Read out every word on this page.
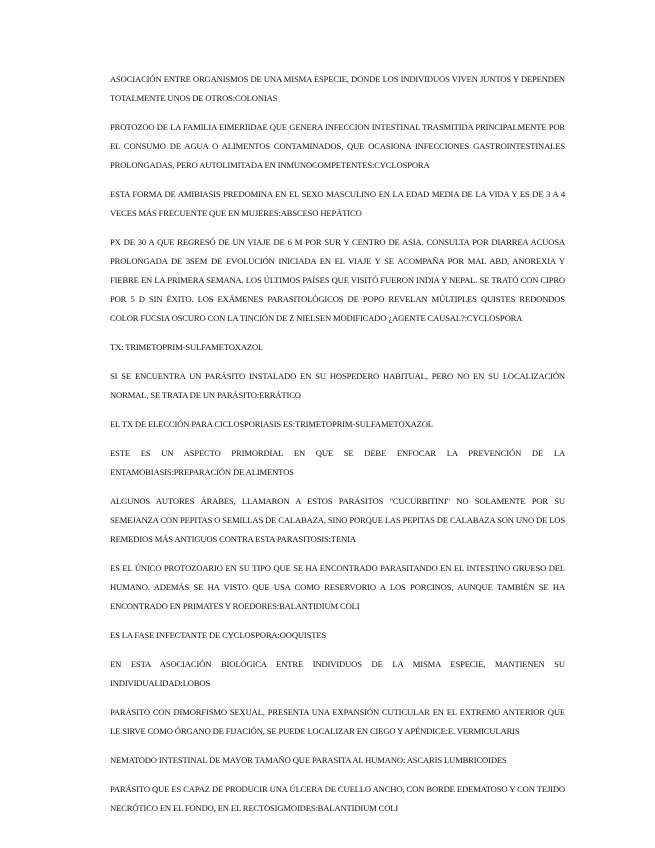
ASOCIACIÓN ENTRE ORGANISMOS DE UNA MISMA ESPECIE, DONDE LOS INDIVIDUOS VIVEN JUNTOS Y DEPENDEN TOTALMENTE UNOS DE OTROS:COLONIAS

PROTOZOO DE LA FAMILIA EIMERIIDAE QUE GENERA INFECCION INTESTINAL TRASMITIDA PRINCIPALMENTE POR EL CONSUMO DE AGUA O ALIMENTOS CONTAMINADOS, QUE OCASIONA INFECCIONES GASTROINTESTINALES PROLONGADAS, PERO AUTOLIMITADA EN INMUNOCOMPETENTES:CYCLOSPORA

ESTA FORMA DE AMIBIASIS PREDOMINA EN EL SEXO MASCULINO EN LA EDAD MEDIA DE LA VIDA Y ES DE 3 A 4 VECES MÁS FRECUENTE QUE EN MUJERES:ABSCESO HEPÁTICO

PX DE 30 A QUE REGRESÓ DE UN VIAJE DE 6 M POR SUR Y CENTRO DE ASIA. CONSULTA POR DIARREA ACUOSA PROLONGADA DE 3SEM DE EVOLUCIÓN INICIADA EN EL VIAJE Y SE ACOMPAÑA POR MAL ABD, ANOREXIA Y FIEBRE EN LA PRIMERA SEMANA. LOS ÚLTIMOS PAÍSES QUE VISITÓ FUERON INDIA Y NEPAL. SE TRATÓ CON CIPRO POR 5 D SIN ÉXITO. LOS EXÁMENES PARASITOLÓGICOS DE POPO REVELAN MÚLTIPLES QUISTES REDONDOS COLOR FUCSIA OSCURO CON LA TINCIÓN DE Z NIELSEN MODIFICADO ¿AGENTE CAUSAL?:CYCLOSPORA

TX: TRIMETOPRIM-SULFAMETOXAZOL

SI SE ENCUENTRA UN PARÁSITO INSTALADO EN SU HOSPEDERO HABITUAL, PERO NO EN SU LOCALIZACIÓN NORMAL, SE TRATA DE UN PARÁSITO:ERRÁTICO

EL TX DE ELECCIÓN PARA CICLOSPORIASIS ES:TRIMETOPRIM-SULFAMETOXAZOL

ESTE ES UN ASPECTO PRIMORDIAL EN QUE SE DEBE ENFOCAR LA PREVENCIÓN DE LA ENTAMOBIASIS:PREPARACIÓN DE ALIMENTOS

ALGUNOS AUTORES ÁRABES, LLAMARON A ESTOS PARÁSITOS "CUCURBITINI" NO SOLAMENTE POR SU SEMEJANZA CON PEPITAS O SEMILLAS DE CALABAZA, SINO PORQUE LAS PEPITAS DE CALABAZA SON UNO DE LOS REMEDIOS MÁS ANTIGUOS CONTRA ESTA PARASITOSIS:TENIA

ES EL ÚNICO PROTOZOARIO EN SU TIPO QUE SE HA ENCONTRADO PARASITANDO EN EL INTESTINO GRUESO DEL HUMANO. ADEMÁS SE HA VISTO QUE USA COMO RESERVORIO A LOS PORCINOS, AUNQUE TAMBIÉN SE HA ENCONTRADO EN PRIMATES Y ROEDORES:BALANTIDIUM COLI

ES LA FASE INFECTANTE DE CYCLOSPORA:OOQUISTES

EN ESTA ASOCIACIÓN BIOLÓGICA ENTRE INDIVIDUOS DE LA MISMA ESPECIE, MANTIENEN SU INDIVIDUALIDAD:LOBOS

PARÁSITO CON DIMORFISMO SEXUAL, PRESENTA UNA EXPANSIÓN CUTICULAR EN EL EXTREMO ANTERIOR QUE LE SIRVE COMO ÓRGANO DE FIJACIÓN, SE PUEDE LOCALIZAR EN CIEGO Y APÉNDICE:E. VERMICULARIS

NEMATODO INTESTINAL DE MAYOR TAMAÑO QUE PARASITA AL HUMANO: ASCARIS LUMBRICOIDES

PARÁSITO QUE ES CAPAZ DE PRODUCIR UNA ÚLCERA DE CUELLO ANCHO, CON BORDE EDEMATOSO Y CON TEJIDO NECRÓTICO EN EL FONDO, EN EL RECTOSIGMOIDES:BALANTIDIUM COLI
